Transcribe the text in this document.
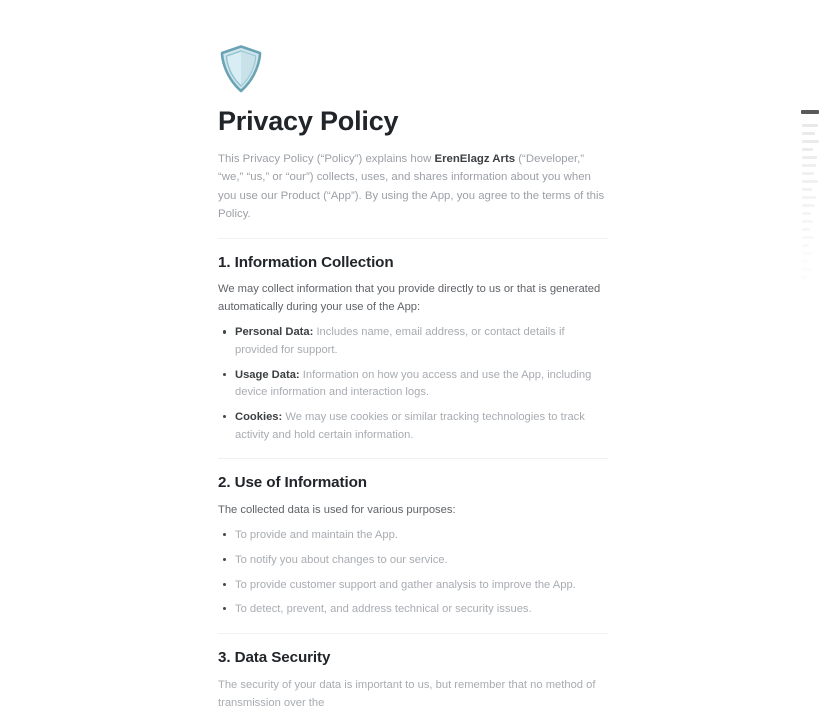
Privacy Policy

This Privacy Policy (“Policy”) explains how ErenElagz Arts (“Developer,” “we,” “us,” or “our”) collects, uses, and shares information about you when you use our Product (“App”). By using the App, you agree to the terms of this Policy.

1. Information Collection

We may collect information that you provide directly to us or that is generated automatically during your use of the App:

Personal Data: Includes name, email address, or contact details if provided for support.
Usage Data: Information on how you access and use the App, including device information and interaction logs.
Cookies: We may use cookies or similar tracking technologies to track activity and hold certain information.
2. Use of Information

The collected data is used for various purposes:

To provide and maintain the App.
To notify you about changes to our service.
To provide customer support and gather analysis to improve the App.
To detect, prevent, and address technical or security issues.
3. Data Security

The security of your data is important to us, but remember that no method of transmission over the
